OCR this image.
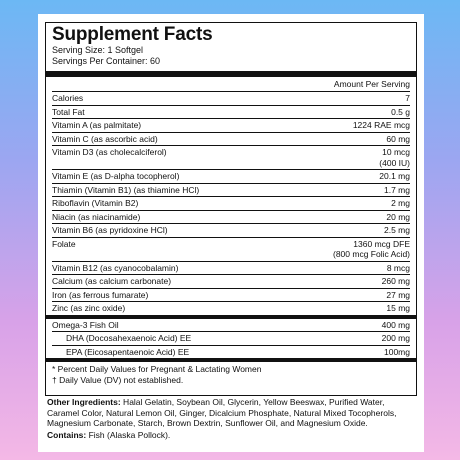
Supplement Facts
Serving Size: 1 Softgel
Servings Per Container: 60
Amount Per Serving
Calories	7
Total Fat	0.5 g
Vitamin A (as palmitate)	1224 RAE mcg
Vitamin C (as ascorbic acid)	60 mg
Vitamin D3 (as cholecalciferol)	10 mcg
(400 IU)
Vitamin E (as D-alpha tocopherol)	20.1 mg
Thiamin (Vitamin B1) (as thiamine HCl)	1.7 mg
Riboflavin (Vitamin B2)	2 mg
Niacin (as niacinamide)	20 mg
Vitamin B6 (as pyridoxine HCl)	2.5 mg
Folate	1360 mcg DFE
(800 mcg Folic Acid)
Vitamin B12 (as cyanocobalamin)	8 mcg
Calcium (as calcium carbonate)	260 mg
Iron (as ferrous fumarate)	27 mg
Zinc (as zinc oxide)	15 mg
Omega-3 Fish Oil	400 mg
DHA (Docosahexaenoic Acid) EE	200 mg
EPA (Eicosapentaenoic Acid) EE	100mg
* Percent Daily Values for Pregnant & Lactating Women
† Daily Value (DV) not established.
Other Ingredients: Halal Gelatin, Soybean Oil, Glycerin, Yellow Beeswax, Purified Water, Caramel Color, Natural Lemon Oil, Ginger, Dicalcium Phosphate, Natural Mixed Tocopherols, Magnesium Carbonate, Starch, Brown Dextrin, Sunflower Oil, and Magnesium Oxide.
Contains: Fish (Alaska Pollock).
